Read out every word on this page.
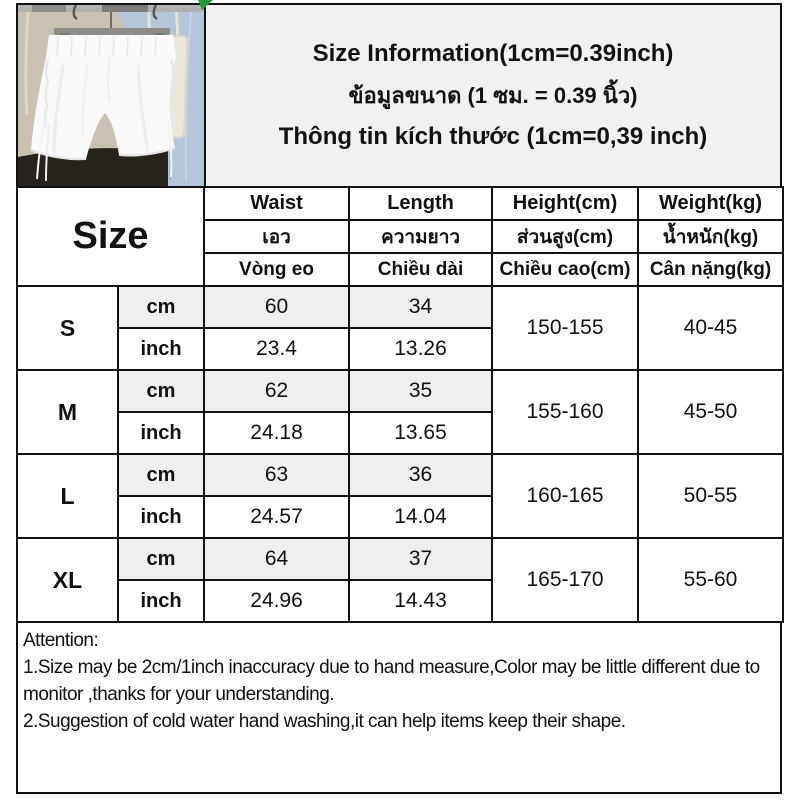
Size Information(1cm=0.39inch)
ข้อมูลขนาด (1 ซม. = 0.39 นิ้ว)
Thông tin kích thước (1cm=0,39 inch)
Size		Waist	Length	Height(cm)	Weight(kg)
		เอว	ความยาว	ส่วนสูง(cm)	น้ำหนัก(kg)
		Vòng eo	Chiều dài	Chiều cao(cm)	Cân nặng(kg)
S	cm	60	34	150-155	40-45
	inch	23.4	13.26		
M	cm	62	35	155-160	45-50
	inch	24.18	13.65		
L	cm	63	36	160-165	50-55
	inch	24.57	14.04		
XL	cm	64	37	165-170	55-60
	inch	24.96	14.43		
Attention:
1.Size may be 2cm/1inch inaccuracy due to hand measure,Color may be little different due to monitor ,thanks for your understanding.
2.Suggestion of cold water hand washing,it can help items keep their shape.
